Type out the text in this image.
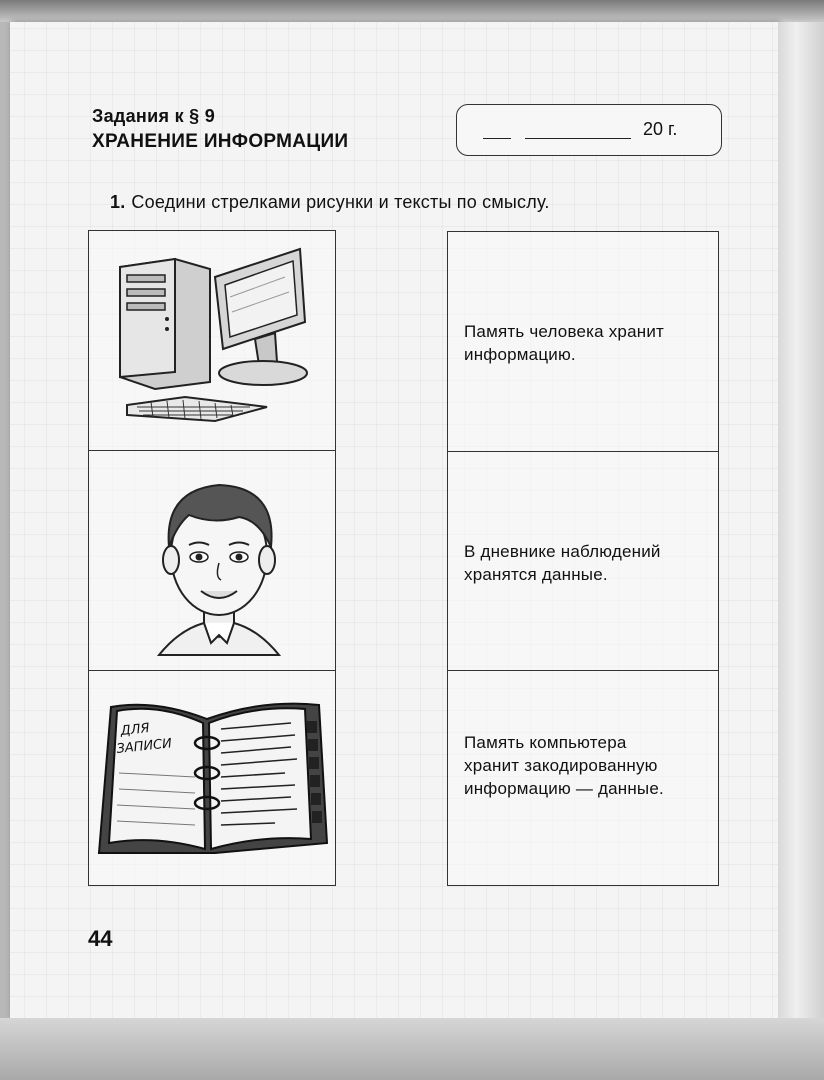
Задания к § 9
ХРАНЕНИЕ ИНФОРМАЦИИ
20 г.
1. Соедини стрелками рисунки и тексты по смыслу.
ДЛЯ
ЗАПИСИ
Память человека хранит
информацию.
В дневнике наблюдений
хранятся данные.
Память компьютера
хранит закодированную
информацию — данные.
44
